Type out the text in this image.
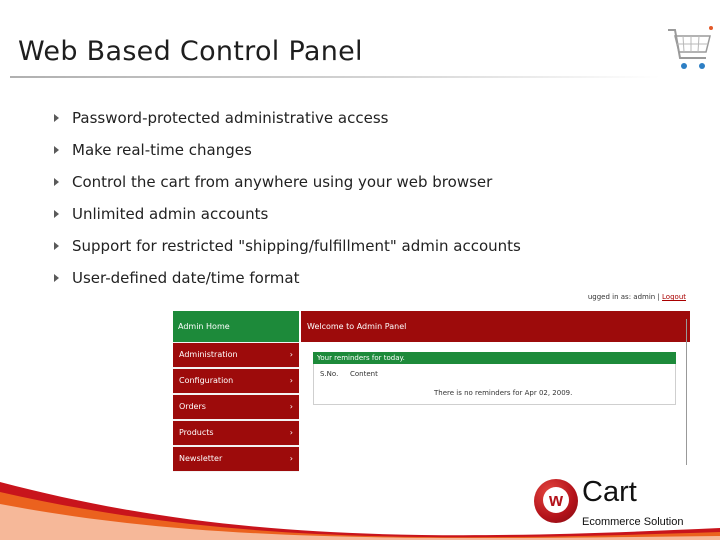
Web Based Control Panel
Password-protected administrative access
Make real-time changes
Control the cart from anywhere using your web browser
Unlimited admin accounts
Support for restricted "shipping/fulfillment" admin accounts
User-defined date/time format
ugged in as: admin | Logout
Admin Home
Administration	›
Configuration	›
Orders	›
Products	›
Newsletter	›
Welcome to Admin Panel
Your reminders for today.
S.No. Content
There is no reminders for Apr 02, 2009.
w Cart
Ecommerce Solution
